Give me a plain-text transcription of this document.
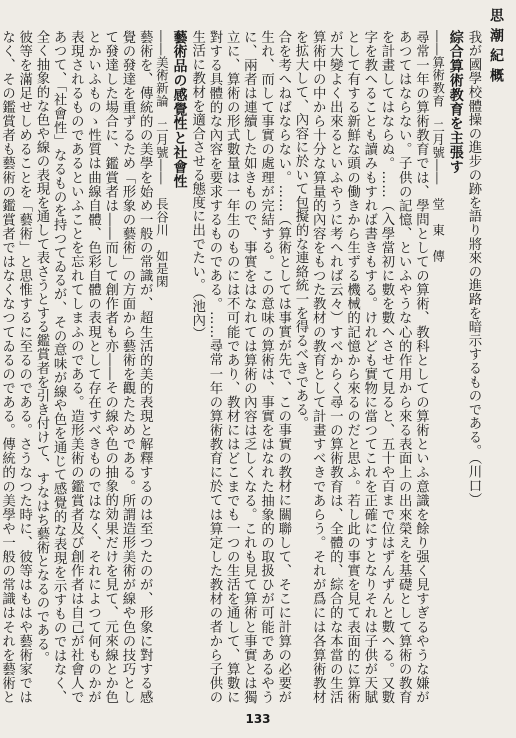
思潮紀概

我が國學校體操の進步の跡を語り將來の進路を暗示するものである。（川口）

綜合算術教育を主張す

――算術教育　二月號――　堂　東　傳

尋常一年の算術教育では、學問としての算術、教科としての算術といふ意識を餘り强く見すぎるやうな嫌があつてはならない。子供の記憶、といふやうな心的作用から來る表面上の出來榮えを基礎として算術の教育を計畫してはならぬ。……（入學當初に數を數へさせて見ると、五十や百まで位はずんずんと數へる。又數字を教へることも讀みもすれば書きもする。けれども實物に當つてこれを正確にすとなりそれは子供が天賦として有する新鮮な頭の働きから生ずる機械的記憶から來るのだと思ふ。若し此の事實を見て表面的に算術が大變よく出來るといふやうに考へれば云々）すべからく尋一の算術教育は、全體的、綜合的な本當の生活算術中の中から十分な算量的內容をもつた教材の教育として計畫すべきであらう。それが爲には各算術教材を拡大して、內容に於いて包擬的な連絡統一を得るべきである。

合を考へねばならない。……（算術としては事實が先で、この事實の教材に關聯して、そこに計算の必要が生れ、而して事實の處理が完結する。この意味の算術は、事實をはなれた抽象的の取扱ひが可能であるやうに、兩者は連續した如きもので、事實をはなれては算術の內容は乏しくなる。これも見て算術と事實とは獨立に、算術の形式數量は一年生のものには不可能であり、教材にはどこまでも一つの生活を通して、算數に對する具體的な內容を要求するものである。……尋常一年の算術教育に於ては算定した教材の者から子供の生活に教材を適合させる態度に出でたい。（池內）

藝術品の感覺性と社會性

――美術新論　二月號――　長谷川　如是閑

藝術を、傳統的の美學を始め一般の常識が、超生活的美的表現と解釋するのは至つたのが、形象に對する感覺の發達を重ずるため「形象の藝術」の方面から藝術を觀たためである。所謂造形美術が線や色の技巧として發達した場合に、鑑賞者は――而して創作者も亦――その線や色の抽象的効果だけを見て、元來線とか色とかいふものゝ性質は曲線自體、色彩自體の表現として存在すべきものではなく、それによつて何ものかが表現されるものであるといふことを忘れてしまふのである。造形美術の鑑賞者及び創作者は自己が社會人であつて、「社會性」なるものを持つてゐるが、その意味が線や色を通じて感覺的な表現を示すものではなく、全く抽象的な色や線の表現を通して表さうとする鑑賞者を引き付けて、すなはち藝術となるのである。

彼等を滿足せしめることを「藝術」と思惟するに至るのである。さうなつた時に、彼等はもはや藝術家ではなく、その鑑賞者も藝術の鑑賞者ではなくなつてゐるのである。傳統的の美學や一般の常識はそれを藝術と

133
